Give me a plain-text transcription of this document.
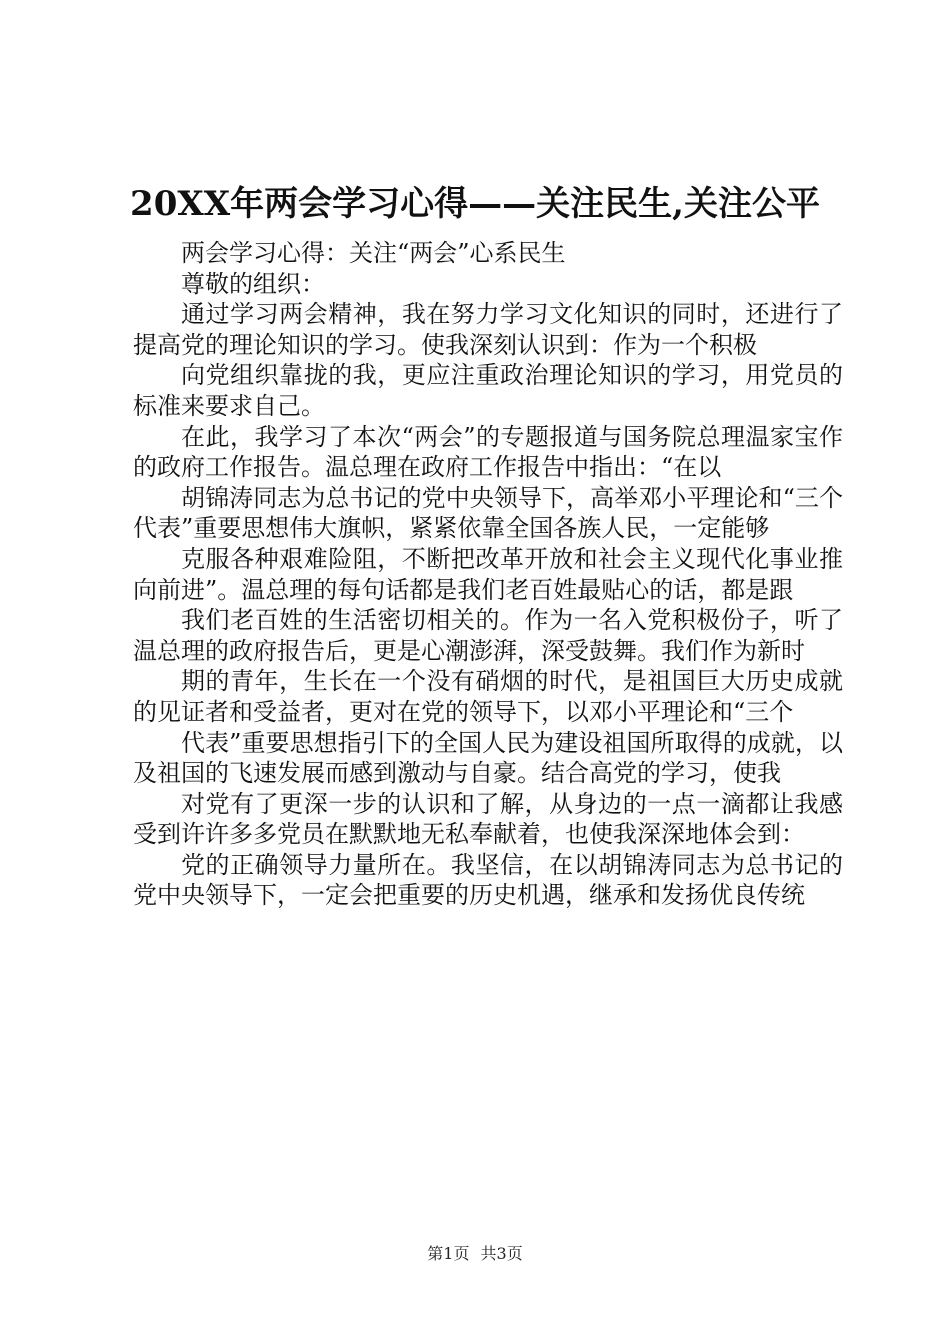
20XX年两会学习心得——关注民生,关注公平

两会学习心得：关注“两会”心系民生

尊敬的组织：

通过学习两会精神，我在努力学习文化知识的同时，还进行了提高党的理论知识的学习。使我深刻认识到：作为一个积极

向党组织靠拢的我，更应注重政治理论知识的学习，用党员的标准来要求自己。

在此，我学习了本次“两会”的专题报道与国务院总理温家宝作的政府工作报告。温总理在政府工作报告中指出：“在以

胡锦涛同志为总书记的党中央领导下，高举邓小平理论和“三个代表”重要思想伟大旗帜，紧紧依靠全国各族人民，一定能够

克服各种艰难险阻，不断把改革开放和社会主义现代化事业推向前进”。温总理的每句话都是我们老百姓最贴心的话，都是跟

我们老百姓的生活密切相关的。作为一名入党积极份子，听了温总理的政府报告后，更是心潮澎湃，深受鼓舞。我们作为新时

期的青年，生长在一个没有硝烟的时代，是祖国巨大历史成就的见证者和受益者，更对在党的领导下，以邓小平理论和“三个

代表”重要思想指引下的全国人民为建设祖国所取得的成就，以及祖国的飞速发展而感到激动与自豪。结合高党的学习，使我

对党有了更深一步的认识和了解，从身边的一点一滴都让我感受到许许多多党员在默默地无私奉献着，也使我深深地体会到：

党的正确领导力量所在。我坚信，在以胡锦涛同志为总书记的党中央领导下，一定会把重要的历史机遇，继承和发扬优良传统

第1页 共3页
